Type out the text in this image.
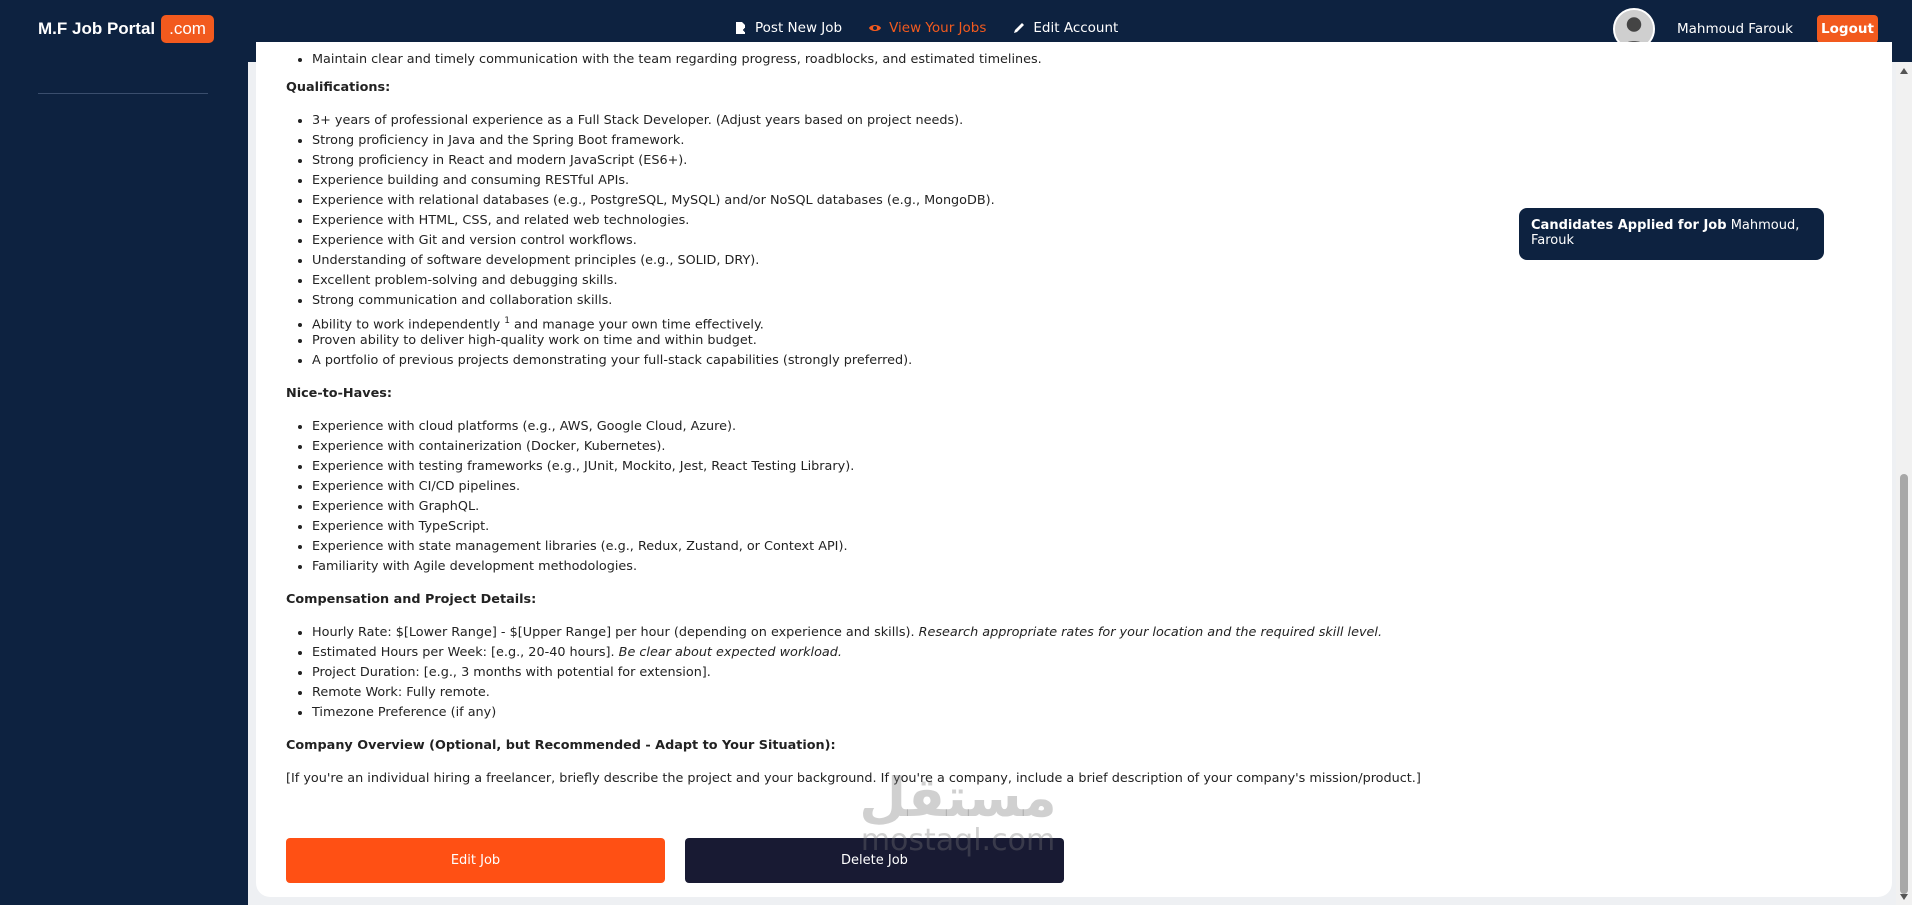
M.F Job Portal .com	Post New Job	View Your Jobs	Edit Account	Mahmoud Farouk Logout
•
• Maintain clear and timely communication with the team regarding progress, roadblocks, and estimated timelines.
Qualifications:
• 3+ years of professional experience as a Full Stack Developer. (Adjust years based on project needs).
• Strong proficiency in Java and the Spring Boot framework.
• Strong proficiency in React and modern JavaScript (ES6+).
• Experience building and consuming RESTful APIs.
• Experience with relational databases (e.g., PostgreSQL, MySQL) and/or NoSQL databases (e.g., MongoDB).
• Experience with HTML, CSS, and related web technologies.
• Experience with Git and version control workflows.
• Understanding of software development principles (e.g., SOLID, DRY).
• Excellent problem-solving and debugging skills.
• Strong communication and collaboration skills.
• Ability to work independently $^1$ and manage your own time effectively.
• Proven ability to deliver high-quality work on time and within budget.
• A portfolio of previous projects demonstrating your full-stack capabilities (strongly preferred).
Nice-to-Haves:
• Experience with cloud platforms (e.g., AWS, Google Cloud, Azure).
• Experience with containerization (Docker, Kubernetes).
• Experience with testing frameworks (e.g., JUnit, Mockito, Jest, React Testing Library).
• Experience with CI/CD pipelines.
• Experience with GraphQL.
• Experience with TypeScript.
• Experience with state management libraries (e.g., Redux, Zustand, or Context API).
• Familiarity with Agile development methodologies.
Compensation and Project Details:
• Hourly Rate: $[Lower Range] - $[Upper Range] per hour (depending on experience and skills). Research appropriate rates for your location and the required skill level.
• Estimated Hours per Week: [e.g., 20-40 hours]. Be clear about expected workload.
• Project Duration: [e.g., 3 months with potential for extension].
• Remote Work: Fully remote.
• Timezone Preference (if any)
Company Overview (Optional, but Recommended - Adapt to Your Situation):

[If you're an individual hiring a freelancer, briefly describe the project and your background. If you're a company, include a brief description of your company's mission/product.]

Candidates Applied for Job Mahmoud, Farouk
Edit Job	Delete Job
مستقل
mostaql.com
